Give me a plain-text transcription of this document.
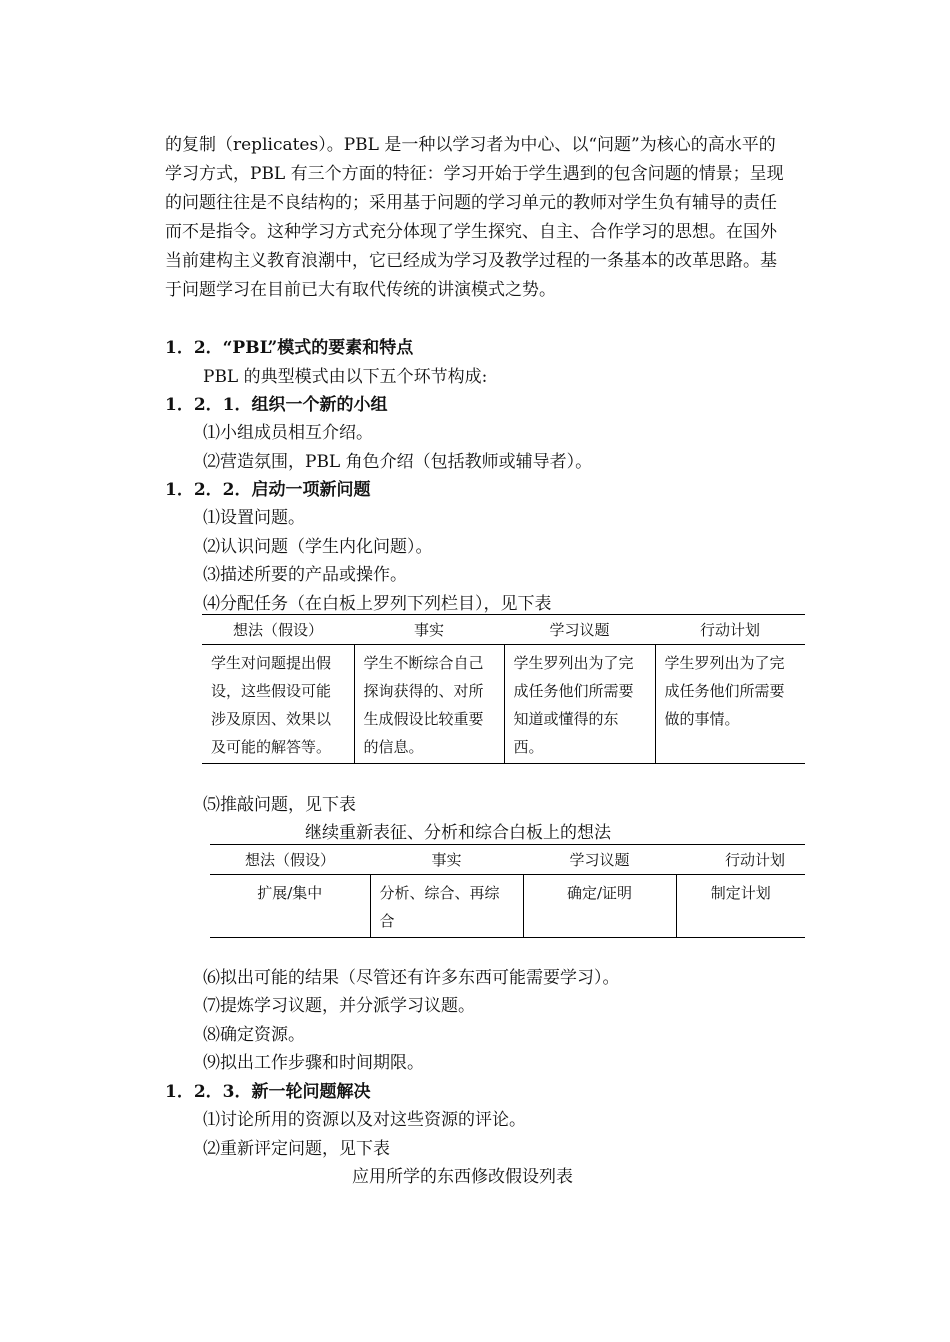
的复制（replicates）。PBL 是一种以学习者为中心、以“问题”为核心的高水平的学习方式，PBL 有三个方面的特征：学习开始于学生遇到的包含问题的情景；呈现的问题往往是不良结构的；采用基于问题的学习单元的教师对学生负有辅导的责任而不是指令。这种学习方式充分体现了学生探究、自主、合作学习的思想。在国外当前建构主义教育浪潮中，它已经成为学习及教学过程的一条基本的改革思路。基于问题学习在目前已大有取代传统的讲演模式之势。

1．2．“PBL”模式的要素和特点
PBL 的典型模式由以下五个环节构成:
1．2．1．组织一个新的小组
⑴小组成员相互介绍。
⑵营造氛围，PBL 角色介绍（包括教师或辅导者）。
1．2．2．启动一项新问题
⑴设置问题。
⑵认识问题（学生内化问题）。
⑶描述所要的产品或操作。
⑷分配任务（在白板上罗列下列栏目），见下表
想法（假设）	事实	学习议题	行动计划
学生对问题提出假设，这些假设可能涉及原因、效果以及可能的解答等。	学生不断综合自己探询获得的、对所生成假设比较重要的信息。	学生罗列出为了完成任务他们所需要知道或懂得的东西。	学生罗列出为了完成任务他们所需要做的事情。
⑸推敲问题，见下表
继续重新表征、分析和综合白板上的想法
想法（假设）	事实	学习议题	行动计划
扩展/集中	分析、综合、再综合	确定/证明	制定计划
⑹拟出可能的结果（尽管还有许多东西可能需要学习）。
⑺提炼学习议题，并分派学习议题。
⑻确定资源。
⑼拟出工作步骤和时间期限。
1．2．3．新一轮问题解决
⑴讨论所用的资源以及对这些资源的评论。
⑵重新评定问题，见下表
应用所学的东西修改假设列表
